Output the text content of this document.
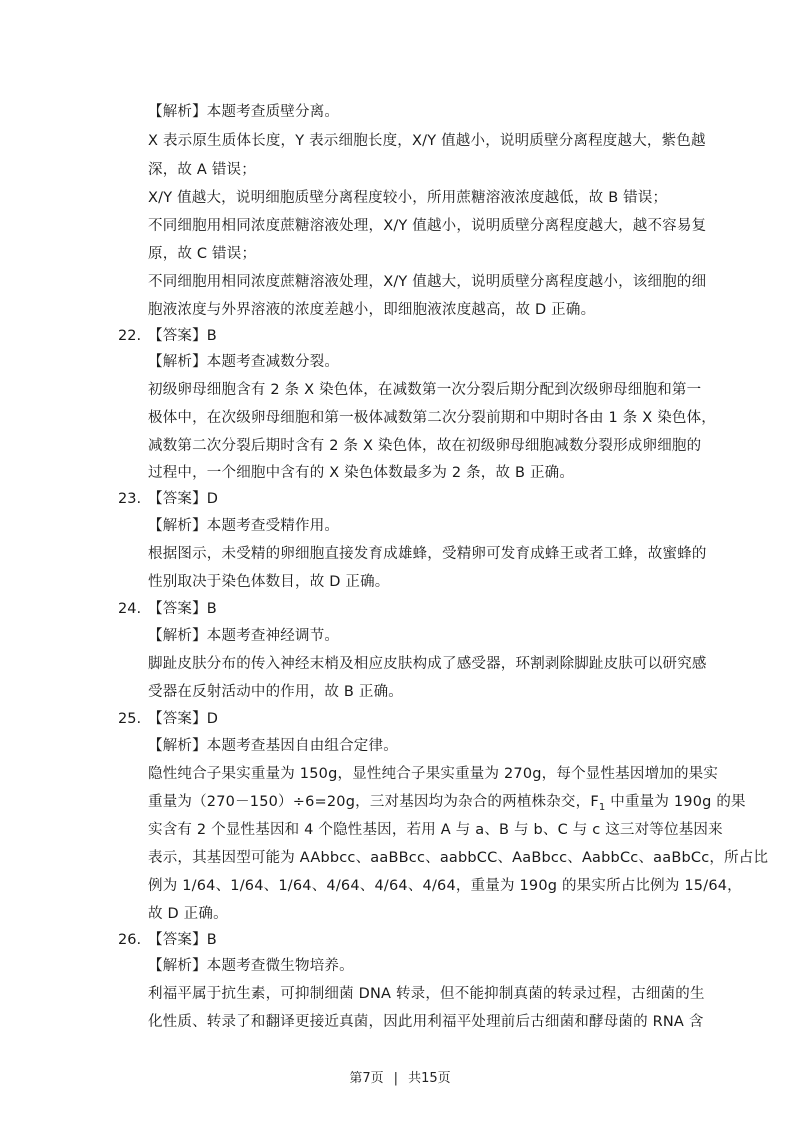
【解析】本题考查质壁分离。
X 表示原生质体长度，Y 表示细胞长度，X/Y 值越小，说明质壁分离程度越大，紫色越
深，故 A 错误；
X/Y 值越大，说明细胞质壁分离程度较小，所用蔗糖溶液浓度越低，故 B 错误；
不同细胞用相同浓度蔗糖溶液处理，X/Y 值越小，说明质壁分离程度越大，越不容易复
原，故 C 错误；
不同细胞用相同浓度蔗糖溶液处理，X/Y 值越大，说明质壁分离程度越小，该细胞的细
胞液浓度与外界溶液的浓度差越小，即细胞液浓度越高，故 D 正确。
22. 【答案】B
【解析】本题考查减数分裂。
初级卵母细胞含有 2 条 X 染色体，在减数第一次分裂后期分配到次级卵母细胞和第一
极体中，在次级卵母细胞和第一极体减数第二次分裂前期和中期时各由 1 条 X 染色体，
减数第二次分裂后期时含有 2 条 X 染色体，故在初级卵母细胞减数分裂形成卵细胞的
过程中，一个细胞中含有的 X 染色体数最多为 2 条，故 B 正确。
23. 【答案】D
【解析】本题考查受精作用。
根据图示，未受精的卵细胞直接发育成雄蜂，受精卵可发育成蜂王或者工蜂，故蜜蜂的
性别取决于染色体数目，故 D 正确。
24. 【答案】B
【解析】本题考查神经调节。
脚趾皮肤分布的传入神经末梢及相应皮肤构成了感受器，环割剥除脚趾皮肤可以研究感
受器在反射活动中的作用，故 B 正确。
25. 【答案】D
【解析】本题考查基因自由组合定律。
隐性纯合子果实重量为 150g，显性纯合子果实重量为 270g，每个显性基因增加的果实
重量为（270－150）÷6=20g，三对基因均为杂合的两植株杂交，$F_1$ 中重量为 190g 的果
实含有 2 个显性基因和 4 个隐性基因，若用 A 与 a、B 与 b、C 与 c 这三对等位基因来
表示，其基因型可能为 AAbbcc、aaBBcc、aabbCC、AaBbcc、AabbCc、aaBbCc，所占比
例为 1/64、1/64、1/64、4/64、4/64、4/64，重量为 190g 的果实所占比例为 15/64，
故 D 正确。
26. 【答案】B
【解析】本题考查微生物培养。
利福平属于抗生素，可抑制细菌 DNA 转录，但不能抑制真菌的转录过程，古细菌的生
化性质、转录了和翻译更接近真菌，因此用利福平处理前后古细菌和酵母菌的 RNA 含
第7页 | 共15页
